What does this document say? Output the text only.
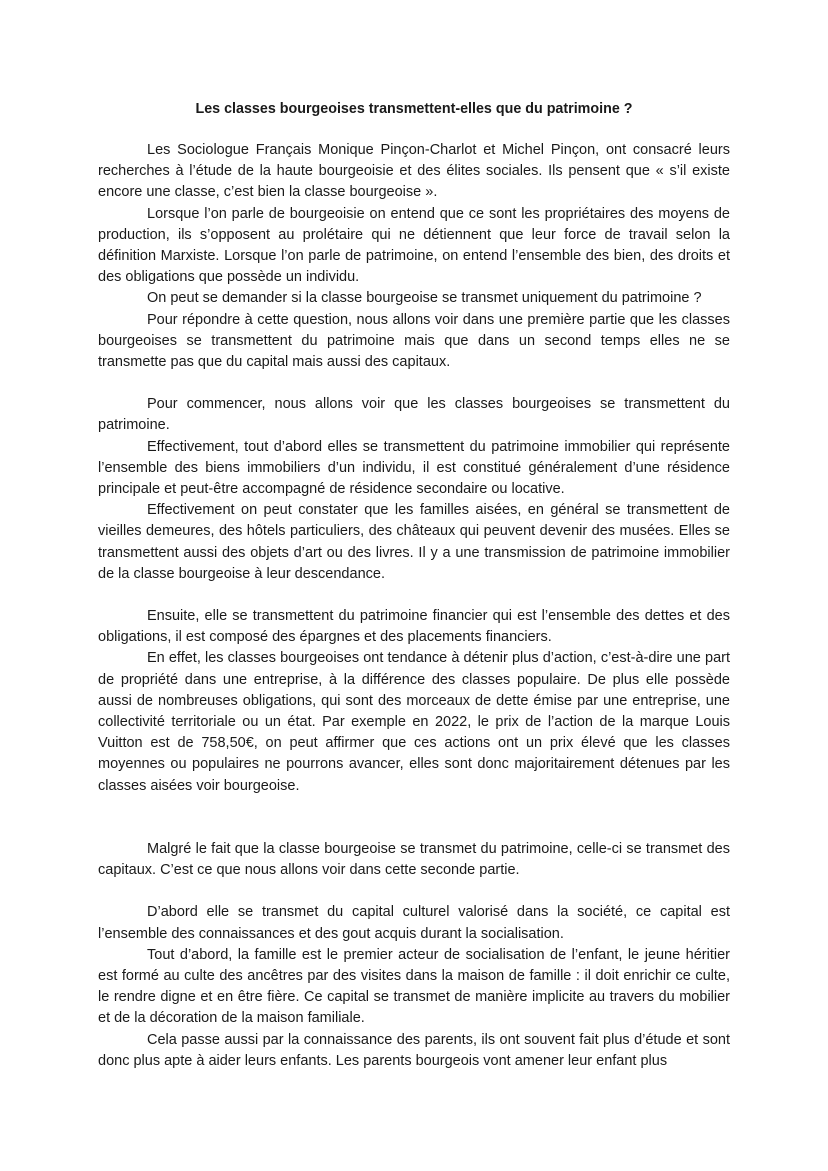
Les classes bourgeoises transmettent-elles que du patrimoine ?

Les Sociologue Français Monique Pinçon-Charlot et Michel Pinçon, ont consacré leurs recherches à l’étude de la haute bourgeoisie et des élites sociales. Ils pensent que « s’il existe encore une classe, c’est bien la classe bourgeoise ».

Lorsque l’on parle de bourgeoisie on entend que ce sont les propriétaires des moyens de production, ils s’opposent au prolétaire qui ne détiennent que leur force de travail selon la définition Marxiste. Lorsque l’on parle de patrimoine, on entend l’ensemble des bien, des droits et des obligations que possède un individu.

On peut se demander si la classe bourgeoise se transmet uniquement du patrimoine ?

Pour répondre à cette question, nous allons voir dans une première partie que les classes bourgeoises se transmettent du patrimoine mais que dans un second temps elles ne se transmette pas que du capital mais aussi des capitaux.

Pour commencer, nous allons voir que les classes bourgeoises se transmettent du patrimoine.

Effectivement, tout d’abord elles se transmettent du patrimoine immobilier qui représente l’ensemble des biens immobiliers d’un individu, il est constitué généralement d’une résidence principale et peut-être accompagné de résidence secondaire ou locative.

Effectivement on peut constater que les familles aisées, en général se transmettent de vieilles demeures, des hôtels particuliers, des châteaux qui peuvent devenir des musées. Elles se transmettent aussi des objets d’art ou des livres. Il y a une transmission de patrimoine immobilier de la classe bourgeoise à leur descendance.

Ensuite, elle se transmettent du patrimoine financier qui est l’ensemble des dettes et des obligations, il est composé des épargnes et des placements financiers.

En effet, les classes bourgeoises ont tendance à détenir plus d’action, c’est-à-dire une part de propriété dans une entreprise, à la différence des classes populaire. De plus elle possède aussi de nombreuses obligations, qui sont des morceaux de dette émise par une entreprise, une collectivité territoriale ou un état. Par exemple en 2022, le prix de l’action de la marque Louis Vuitton est de 758,50€, on peut affirmer que ces actions ont un prix élevé que les classes moyennes ou populaires ne pourrons avancer, elles sont donc majoritairement détenues par les classes aisées voir bourgeoise.

Malgré le fait que la classe bourgeoise se transmet du patrimoine, celle-ci se transmet des capitaux. C’est ce que nous allons voir dans cette seconde partie.

D’abord elle se transmet du capital culturel valorisé dans la société, ce capital est l’ensemble des connaissances et des gout acquis durant la socialisation.

Tout d’abord, la famille est le premier acteur de socialisation de l’enfant, le jeune héritier est formé au culte des ancêtres par des visites dans la maison de famille : il doit enrichir ce culte, le rendre digne et en être fière. Ce capital se transmet de manière implicite au travers du mobilier et de la décoration de la maison familiale.

Cela passe aussi par la connaissance des parents, ils ont souvent fait plus d’étude et sont donc plus apte à aider leurs enfants. Les parents bourgeois vont amener leur enfant plus
